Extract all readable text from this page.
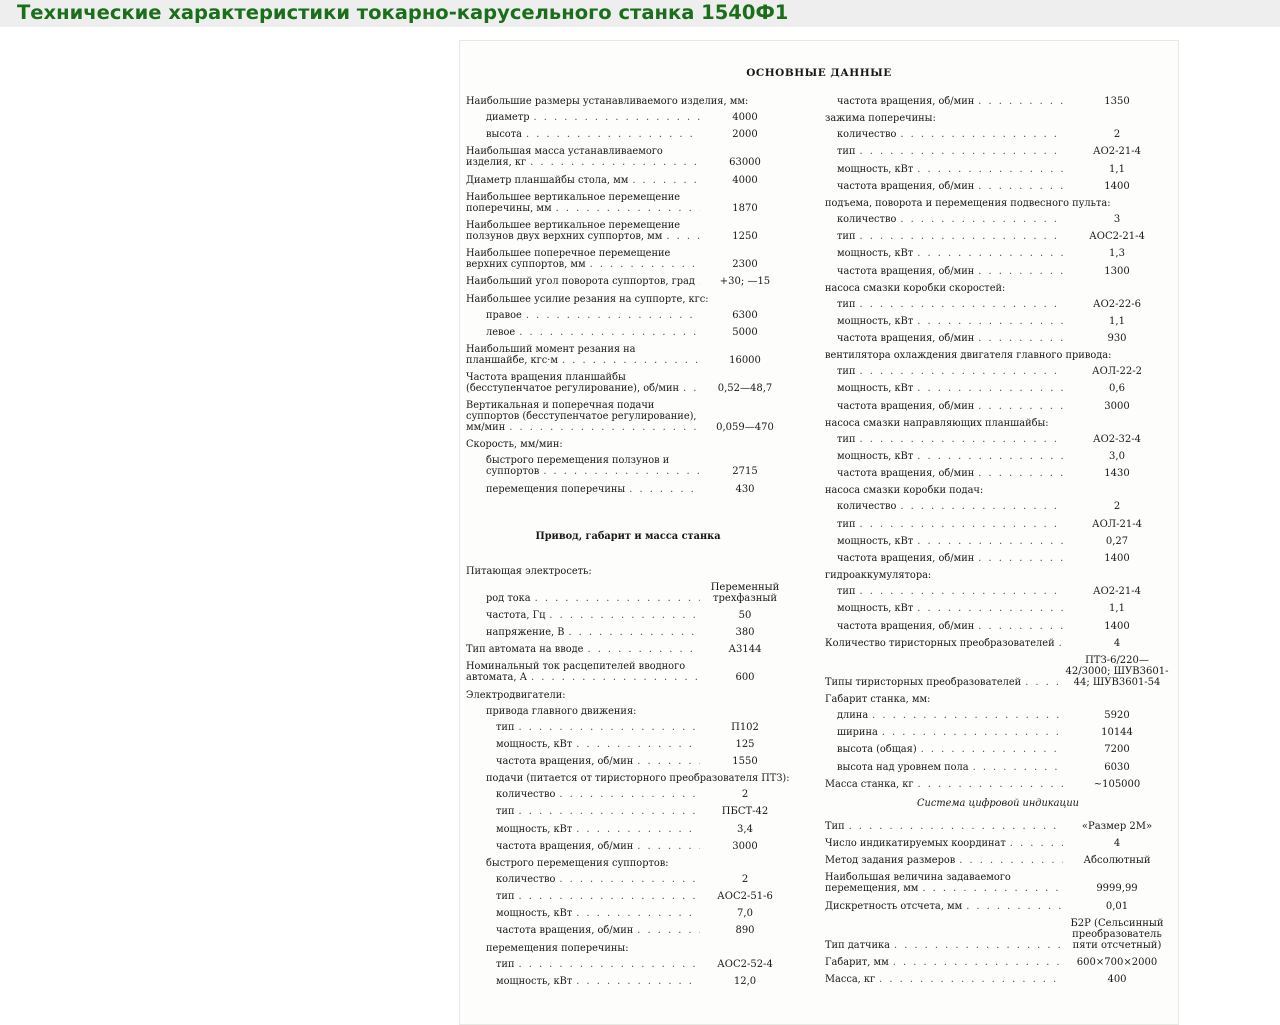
Технические характеристики токарно-карусельного станка 1540Ф1
ОСНОВНЫЕ ДАННЫЕ
Наибольшие размеры устанавливаемого изделия, мм:
диаметр . . .	4000
высота . . .	2000
Наибольшая масса устанавливаемого изделия, кг . . .	63000
Диаметр планшайбы стола, мм . . .	4000
Наибольшее вертикальное перемещение поперечины, мм . . .	1870
Наибольшее вертикальное перемещение ползунов двух верхних суппортов, мм . . .	1250
Наибольшее поперечное перемещение верхних суппортов, мм . . .	2300
Наибольший угол поворота суппортов, град . . .	+30; —15
Наибольшее усилие резания на суппорте, кгс:
правое . . .	6300
левое . . .	5000
Наибольший момент резания на планшайбе, кгс·м . . .	16000
Частота вращения планшайбы (бесступенчатое регулирование), об/мин . . .	0,52—48,7
Вертикальная и поперечная подачи суппортов (бесступенчатое регулирование), мм/мин . . .	0,059—470
Скорость, мм/мин:
быстрого перемещения ползунов и суппортов . . .	2715
перемещения поперечины . . .	430
Привод, габарит и масса станка
Питающая электросеть:
род тока . . .
Переменный трехфазный
частота, Гц . . .	50
напряжение, В . . .	380
Тип автомата на вводе . . .	А3144
Номинальный ток расцепителей вводного автомата, А . . .	600
Электродвигатели:
привода главного движения:
тип . . .	П102
мощность, кВт . . .	125
частота вращения, об/мин . . .	1550
подачи (питается от тиристорного преобразователя ПТЗ):
количество . . .	2
тип . . .	ПБСТ-42
мощность, кВт . . .	3,4
частота вращения, об/мин . . .	3000
быстрого перемещения суппортов:
количество . . .	2
тип . . .	АОС2-51-6
мощность, кВт . . .	7,0
частота вращения, об/мин . . .	890
перемещения поперечины:
тип . . .	АОС2-52-4
мощность, кВт . . .	12,0
частота вращения, об/мин . . .	1350
зажима поперечины:
количество . . .	2
тип . . .	АО2-21-4
мощность, кВт . . .	1,1
частота вращения, об/мин . . .	1400
подъема, поворота и перемещения подвесного пульта:
количество . . .	3
тип . . .	АОС2-21-4
мощность, кВт . . .	1,3
частота вращения, об/мин . . .	1300
насоса смазки коробки скоростей:
тип . . .	АО2-22-6
мощность, кВт . . .	1,1
частота вращения, об/мин . . .	930
вентилятора охлаждения двигателя главного привода:
тип . . .	АОЛ-22-2
мощность, кВт . . .	0,6
частота вращения, об/мин . . .	3000
насоса смазки направляющих планшайбы:
тип . . .	АО2-32-4
мощность, кВт . . .	3,0
частота вращения, об/мин . . .	1430
насоса смазки коробки подач:
количество . . .	2
тип . . .	АОЛ-21-4
мощность, кВт . . .	0,27
частота вращения, об/мин . . .	1400
гидроаккумулятора:
тип . . .	АО2-21-4
мощность, кВт . . .	1,1
частота вращения, об/мин . . .	1400
Количество тиристорных преобразователей . . .	4
Типы тиристорных преобразователей . . .
ПТЗ-6/220—42/3000; ШУВ3601-44; ШУВ3601-54
Габарит станка, мм:
длина . . .	5920
ширина . . .	10144
высота (общая) . . .	7200
высота над уровнем пола . . .	6030
Масса станка, кг . . .	~105000
Система цифровой индикации
Тип . . .	«Размер 2М»
Число индикатируемых координат . . .	4
Метод задания размеров . . .	Абсолютный
Наибольшая величина задаваемого перемещения, мм . . .	9999,99
Дискретность отсчета, мм . . .	0,01
Тип датчика . . .
Б2Р (Сельсинный преобразователь пяти отсчетный)
Габарит, мм . . .	600×700×2000
Масса, кг . . .	400
